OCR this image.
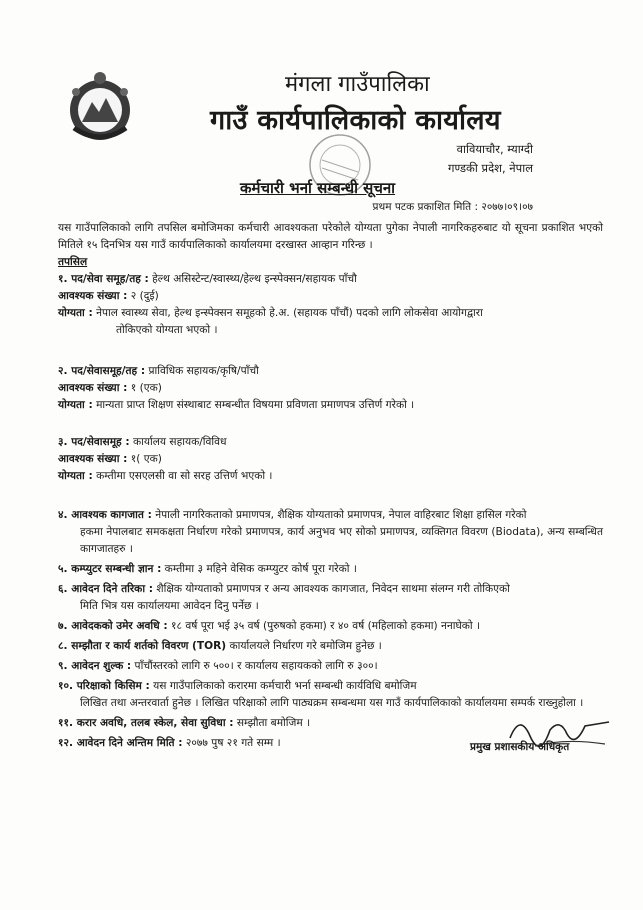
मंगला गाउँपालिका
गाउँ कार्यपालिकाको कार्यालय
वावियाचौर, म्याग्दी
गण्डकी प्रदेश, नेपाल
कर्मचारी भर्ना सम्बन्धी सूचना
प्रथम पटक प्रकाशित मिति : २०७७।०९।०७

यस गाउँपालिकाको लागि तपसिल बमोजिमका कर्मचारी आवश्यकता परेकोले योग्यता पुगेका नेपाली नागरिकहरुबाट यो सूचना प्रकाशित भएको मितिले १५ दिनभित्र यस गाउँ कार्यपालिकाको कार्यालयमा दरखास्त आव्हान गरिन्छ ।

तपसिल

१. पद/सेवा समूह/तह : हेल्थ असिस्टेन्ट/स्वास्थ्य/हेल्थ इन्स्पेक्सन/सहायक पाँचौ

आवश्यक संख्या : २ (दुई)

योग्यता : नेपाल स्वास्थ्य सेवा, हेल्थ इन्स्पेक्सन समूहको हे.अ. (सहायक पाँचौं) पदको लागि लोकसेवा आयोगद्वारा

तोकिएको योग्यता भएको ।

२. पद/सेवासमूह/तह : प्राविधिक सहायक/कृषि/पाँचौ

आवश्यक संख्या : १ (एक)

योग्यता : मान्यता प्राप्त शिक्षण संस्थाबाट सम्बन्धीत विषयमा प्रविणता प्रमाणपत्र उत्तिर्ण गरेको ।

३. पद/सेवासमूह : कार्यालय सहायक/विविध

आवश्यक संख्या : १( एक)

योग्यता : कम्तीमा एसएलसी वा सो सरह उत्तिर्ण भएको ।

४. आवश्यक कागजात : नेपाली नागरिकताको प्रमाणपत्र, शैक्षिक योग्यताको प्रमाणपत्र, नेपाल वाहिरबाट शिक्षा हासिल गरेको
हकमा नेपालबाट समकक्षता निर्धारण गरेको प्रमाणपत्र, कार्य अनुभव भए सोको प्रमाणपत्र, व्यक्तिगत विवरण (Biodata), अन्य सम्बन्धित कागजातहरु ।
५. कम्प्युटर सम्बन्धी ज्ञान : कम्तीमा ३ महिने वेसिक कम्प्युटर कोर्ष पूरा गरेको ।
६. आवेदन दिने तरिका : शैक्षिक योग्यताको प्रमाणपत्र र अन्य आवश्यक कागजात, निवेदन साथमा संलग्न गरी तोकिएको
मिति भित्र यस कार्यालयमा आवेदन दिनु पर्नेछ ।
७. आवेदकको उमेर अवधि : १८ वर्ष पूरा भई ३५ वर्ष (पुरुषको हकमा) र ४० वर्ष (महिलाको हकमा) ननाघेको ।
८. सम्झौता र कार्य शर्तको विवरण (TOR) कार्यालयले निर्धारण गरे बमोजिम हुनेछ ।
९. आवेदन शुल्क : पाँचौंस्तरको लागि रु ५००। र कार्यालय सहायकको लागि रु ३००।
१०. परिक्षाको किसिम : यस गाउँपालिकाको करारमा कर्मचारी भर्ना सम्बन्धी कार्यविधि बमोजिम
लिखित तथा अन्तरवार्ता हुनेछ । लिखित परिक्षाको लागि पाठ्यक्रम सम्बन्धमा यस गाउँ कार्यपालिकाको कार्यालयमा सम्पर्क राख्नुहोला ।
११. करार अवधि, तलब स्केल, सेवा सुविधा : सम्झौता बमोजिम ।
१२. आवेदन दिने अन्तिम मिति : २०७७ पुष २१ गते सम्म ।	प्रमुख प्रशासकीय अधिकृत
